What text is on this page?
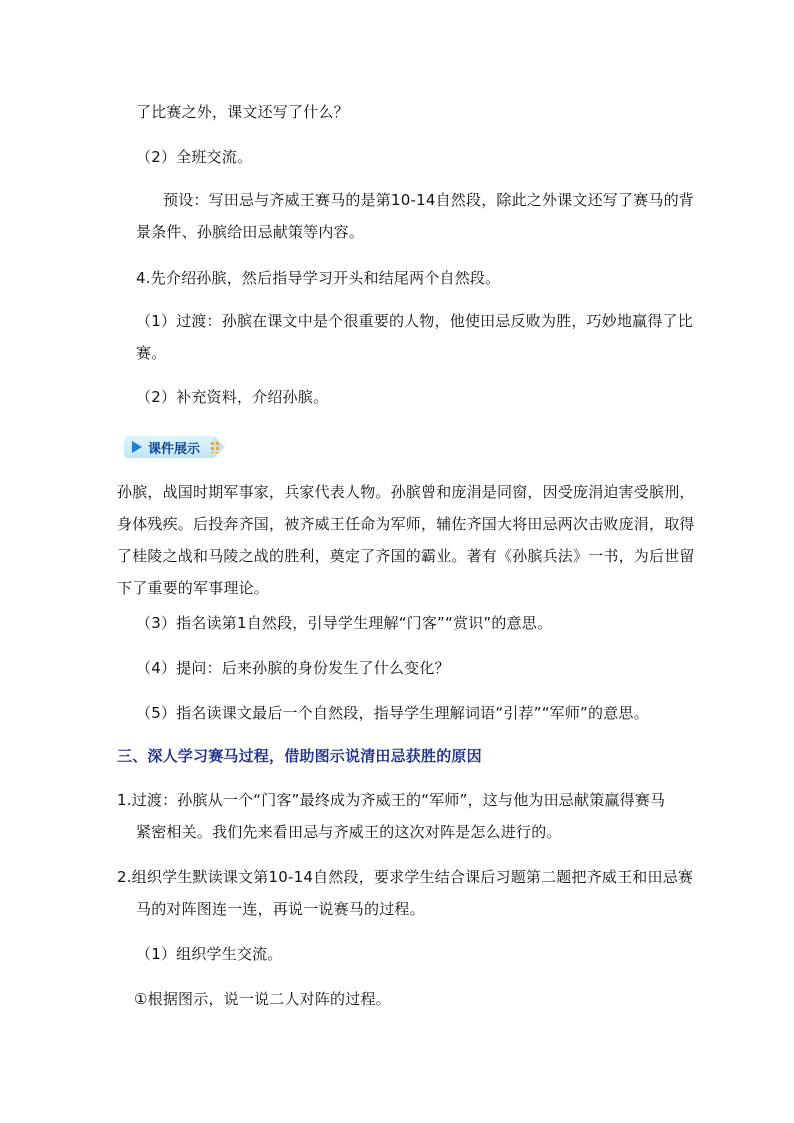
了比赛之外，课文还写了什么？
（2）全班交流。
预设：写田忌与齐威王赛马的是第10-14自然段，除此之外课文还写了赛马的背
景条件、孙膑给田忌献策等内容。
4.先介绍孙膑，然后指导学习开头和结尾两个自然段。
（1）过渡：孙膑在课文中是个很重要的人物，他使田忌反败为胜，巧妙地赢得了比
赛。
（2）补充资料，介绍孙膑。
课件展示
孙膑，战国时期军事家，兵家代表人物。孙膑曾和庞涓是同窗，因受庞涓迫害受膑刑，
身体残疾。后投奔齐国，被齐威王任命为军师，辅佐齐国大将田忌两次击败庞涓，取得
了桂陵之战和马陵之战的胜利，奠定了齐国的霸业。著有《孙膑兵法》一书，为后世留
下了重要的军事理论。
（3）指名读第1自然段，引导学生理解“门客”“赏识”的意思。
（4）提问：后来孙膑的身份发生了什么变化？
（5）指名读课文最后一个自然段，指导学生理解词语“引荐”“军师”的意思。
三、深人学习赛马过程，借助图示说清田忌获胜的原因
1.过渡：孙膑从一个“门客”最终成为齐威王的“军师”，这与他为田忌献策赢得赛马
紧密相关。我们先来看田忌与齐威王的这次对阵是怎么进行的。
2.组织学生默读课文第10-14自然段，要求学生结合课后习题第二题把齐威王和田忌赛
马的对阵图连一连，再说一说赛马的过程。
（1）组织学生交流。
①根据图示，说一说二人对阵的过程。
